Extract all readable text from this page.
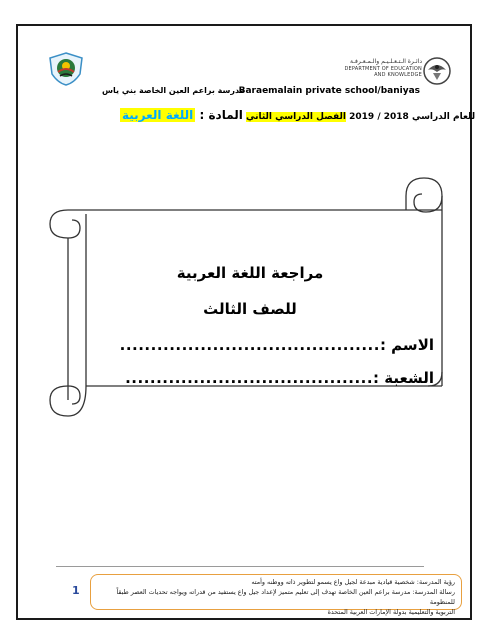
دائـرة الـتـعـلـيـم والـمـعـرفـة
DEPARTMENT OF EDUCATION
AND KNOWLEDGE
مدرسة براعم العين الخاصة بني ياس
Baraemalain private school/baniyas
المادة : اللغة العربية	للعام الدراسي 2018 / 2019 الفصل الدراسي الثاني
مراجعة اللغة العربية
للصف الثالث
الاسم :
..........................................
الشعبة :
........................................
رؤية المدرسة: شخصية قيادية مبدعة لجيل واع يسمو لتطوير ذاته ووطنه وأمته
رسالة المدرسة: مدرسة براعم العين الخاصة تهدف إلى تعليم متميز لإعداد جيل واع يستفيد من قدراته ويواجه تحديات العصر طبقاً للمنظومة
التربوية والتعليمية بدولة الإمارات العربية المتحدة
1
